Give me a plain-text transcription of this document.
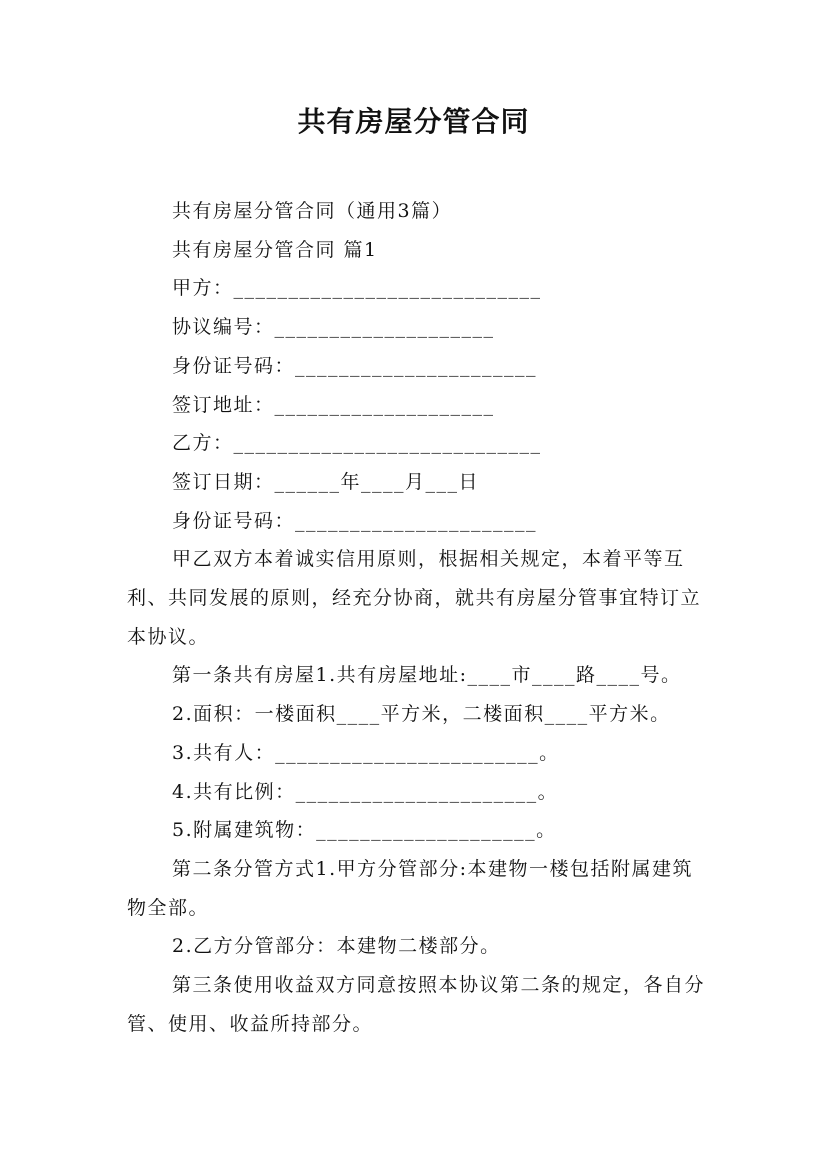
共有房屋分管合同

共有房屋分管合同（通用3篇）

共有房屋分管合同 篇1

甲方：____________________________

协议编号：____________________

身份证号码：______________________

签订地址：____________________

乙方：____________________________

签订日期：______年____月___日

身份证号码：______________________

甲乙双方本着诚实信用原则，根据相关规定，本着平等互利、共同发展的原则，经充分协商，就共有房屋分管事宜特订立本协议。

第一条共有房屋1.共有房屋地址:____市____路____号。

2.面积：一楼面积____平方米，二楼面积____平方米。

3.共有人：________________________。

4.共有比例：______________________。

5.附属建筑物：____________________。

第二条分管方式1.甲方分管部分:本建物一楼包括附属建筑物全部。

2.乙方分管部分：本建物二楼部分。

第三条使用收益双方同意按照本协议第二条的规定，各自分管、使用、收益所持部分。
